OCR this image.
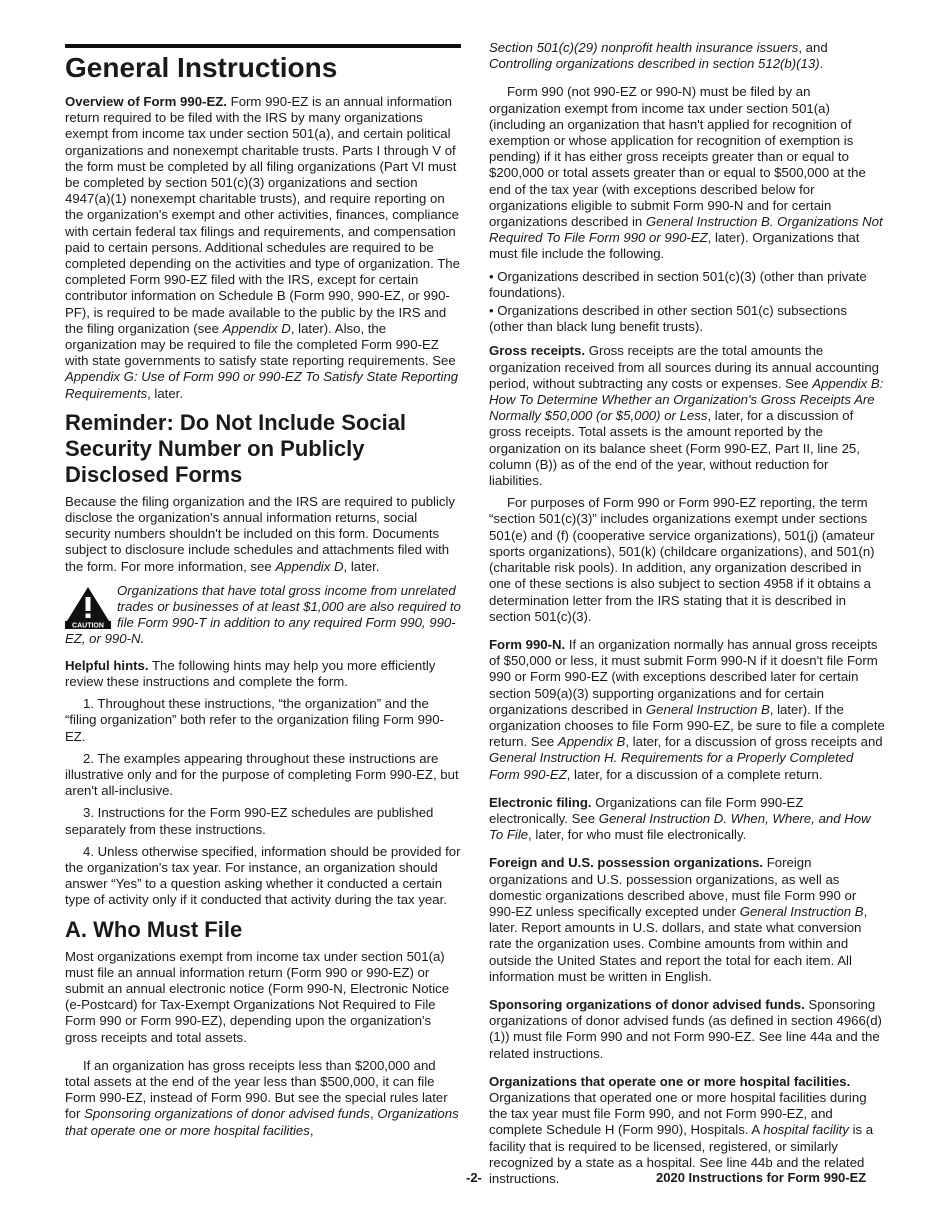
General Instructions

Overview of Form 990-EZ. Form 990-EZ is an annual information return required to be filed with the IRS by many organizations exempt from income tax under section 501(a), and certain political organizations and nonexempt charitable trusts. Parts I through V of the form must be completed by all filing organizations (Part VI must be completed by section 501(c)(3) organizations and section 4947(a)(1) nonexempt charitable trusts), and require reporting on the organization's exempt and other activities, finances, compliance with certain federal tax filings and requirements, and compensation paid to certain persons. Additional schedules are required to be completed depending on the activities and type of organization. The completed Form 990-EZ filed with the IRS, except for certain contributor information on Schedule B (Form 990, 990-EZ, or 990-PF), is required to be made available to the public by the IRS and the filing organization (see Appendix D, later). Also, the organization may be required to file the completed Form 990-EZ with state governments to satisfy state reporting requirements. See Appendix G: Use of Form 990 or 990-EZ To Satisfy State Reporting Requirements, later.

Reminder: Do Not Include Social Security Number on Publicly Disclosed Forms

Because the filing organization and the IRS are required to publicly disclose the organization's annual information returns, social security numbers shouldn't be included on this form. Documents subject to disclosure include schedules and attachments filed with the form. For more information, see Appendix D, later.

CAUTION
Organizations that have total gross income from unrelated trades or businesses of at least $1,000 are also required to file Form 990-T in addition to any required Form 990, 990-EZ, or 990-N.

Helpful hints. The following hints may help you more efficiently review these instructions and complete the form.

1. Throughout these instructions, “the organization” and the “filing organization” both refer to the organization filing Form 990-EZ.

2. The examples appearing throughout these instructions are illustrative only and for the purpose of completing Form 990-EZ, but aren't all-inclusive.

3. Instructions for the Form 990-EZ schedules are published separately from these instructions.

4. Unless otherwise specified, information should be provided for the organization's tax year. For instance, an organization should answer “Yes” to a question asking whether it conducted a certain type of activity only if it conducted that activity during the tax year.

A. Who Must File

Most organizations exempt from income tax under section 501(a) must file an annual information return (Form 990 or 990-EZ) or submit an annual electronic notice (Form 990-N, Electronic Notice (e-Postcard) for Tax-Exempt Organizations Not Required to File Form 990 or Form 990-EZ), depending upon the organization's gross receipts and total assets.

If an organization has gross receipts less than $200,000 and total assets at the end of the year less than $500,000, it can file Form 990-EZ, instead of Form 990. But see the special rules later for Sponsoring organizations of donor advised funds, Organizations that operate one or more hospital facilities,

Section 501(c)(29) nonprofit health insurance issuers, and Controlling organizations described in section 512(b)(13).

Form 990 (not 990-EZ or 990-N) must be filed by an organization exempt from income tax under section 501(a) (including an organization that hasn't applied for recognition of exemption or whose application for recognition of exemption is pending) if it has either gross receipts greater than or equal to $200,000 or total assets greater than or equal to $500,000 at the end of the tax year (with exceptions described below for organizations eligible to submit Form 990-N and for certain organizations described in General Instruction B. Organizations Not Required To File Form 990 or 990-EZ, later). Organizations that must file include the following.

• Organizations described in section 501(c)(3) (other than private foundations).

• Organizations described in other section 501(c) subsections (other than black lung benefit trusts).

Gross receipts. Gross receipts are the total amounts the organization received from all sources during its annual accounting period, without subtracting any costs or expenses. See Appendix B: How To Determine Whether an Organization's Gross Receipts Are Normally $50,000 (or $5,000) or Less, later, for a discussion of gross receipts. Total assets is the amount reported by the organization on its balance sheet (Form 990-EZ, Part II, line 25, column (B)) as of the end of the year, without reduction for liabilities.

For purposes of Form 990 or Form 990-EZ reporting, the term “section 501(c)(3)” includes organizations exempt under sections 501(e) and (f) (cooperative service organizations), 501(j) (amateur sports organizations), 501(k) (childcare organizations), and 501(n) (charitable risk pools). In addition, any organization described in one of these sections is also subject to section 4958 if it obtains a determination letter from the IRS stating that it is described in section 501(c)(3).

Form 990-N. If an organization normally has annual gross receipts of $50,000 or less, it must submit Form 990-N if it doesn't file Form 990 or Form 990-EZ (with exceptions described later for certain section 509(a)(3) supporting organizations and for certain organizations described in General Instruction B, later). If the organization chooses to file Form 990-EZ, be sure to file a complete return. See Appendix B, later, for a discussion of gross receipts and General Instruction H. Requirements for a Properly Completed Form 990-EZ, later, for a discussion of a complete return.

Electronic filing. Organizations can file Form 990-EZ electronically. See General Instruction D. When, Where, and How To File, later, for who must file electronically.

Foreign and U.S. possession organizations. Foreign organizations and U.S. possession organizations, as well as domestic organizations described above, must file Form 990 or 990-EZ unless specifically excepted under General Instruction B, later. Report amounts in U.S. dollars, and state what conversion rate the organization uses. Combine amounts from within and outside the United States and report the total for each item. All information must be written in English.

Sponsoring organizations of donor advised funds. Sponsoring organizations of donor advised funds (as defined in section 4966(d)(1)) must file Form 990 and not Form 990-EZ. See line 44a and the related instructions.

Organizations that operate one or more hospital facilities. Organizations that operated one or more hospital facilities during the tax year must file Form 990, and not Form 990-EZ, and complete Schedule H (Form 990), Hospitals. A hospital facility is a facility that is required to be licensed, registered, or similarly recognized by a state as a hospital. See line 44b and the related instructions.

-2-	2020 Instructions for Form 990-EZ
